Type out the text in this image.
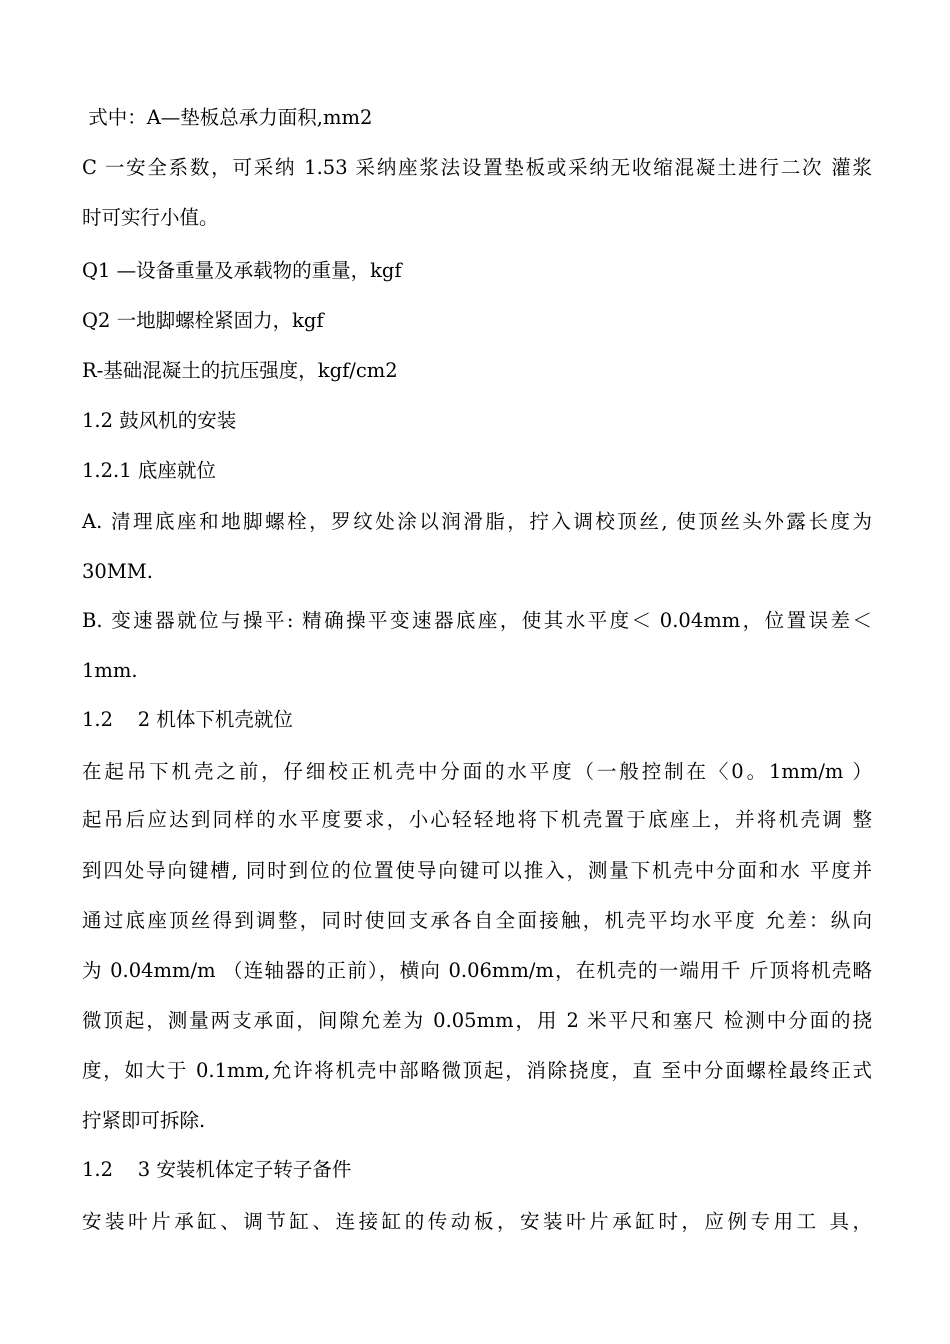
式中：A—垫板总承力面积,mm2

C 一安全系数，可采纳 1.53 采纳座浆法设置垫板或采纳无收缩混凝土进行二次 灌浆

时可实行小值。

Q1 —设备重量及承载物的重量，kgf

Q2 一地脚螺栓紧固力，kgf

R-基础混凝土的抗压强度，kgf/cm2

1.2 鼓风机的安装

1.2.1 底座就位

A. 清理底座和地脚螺栓，罗纹处涂以润滑脂，拧入调校顶丝, 使顶丝头外露长度为

30MM.

B. 变速器就位与操平: 精确操平变速器底座，使其水平度＜ 0.04mm，位置误差＜

1mm.

1.2    2 机体下机壳就位

在起吊下机壳之前，仔细校正机壳中分面的水平度（一般控制在〈0。1mm/m ）

起吊后应达到同样的水平度要求，小心轻轻地将下机壳置于底座上，并将机壳调 整

到四处导向键槽, 同时到位的位置使导向键可以推入，测量下机壳中分面和水 平度并

通过底座顶丝得到调整，同时使回支承各自全面接触，机壳平均水平度 允差：纵向

为 0.04mm/m （连轴器的正前），横向 0.06mm/m，在机壳的一端用千 斤顶将机壳略

微顶起，测量两支承面，间隙允差为 0.05mm，用 2 米平尺和塞尺 检测中分面的挠

度，如大于 0.1mm,允许将机壳中部略微顶起，消除挠度，直 至中分面螺栓最终正式

拧紧即可拆除.

1.2    3 安装机体定子转子备件

安装叶片承缸、调节缸、连接缸的传动板，安装叶片承缸时，应例专用工 具，
